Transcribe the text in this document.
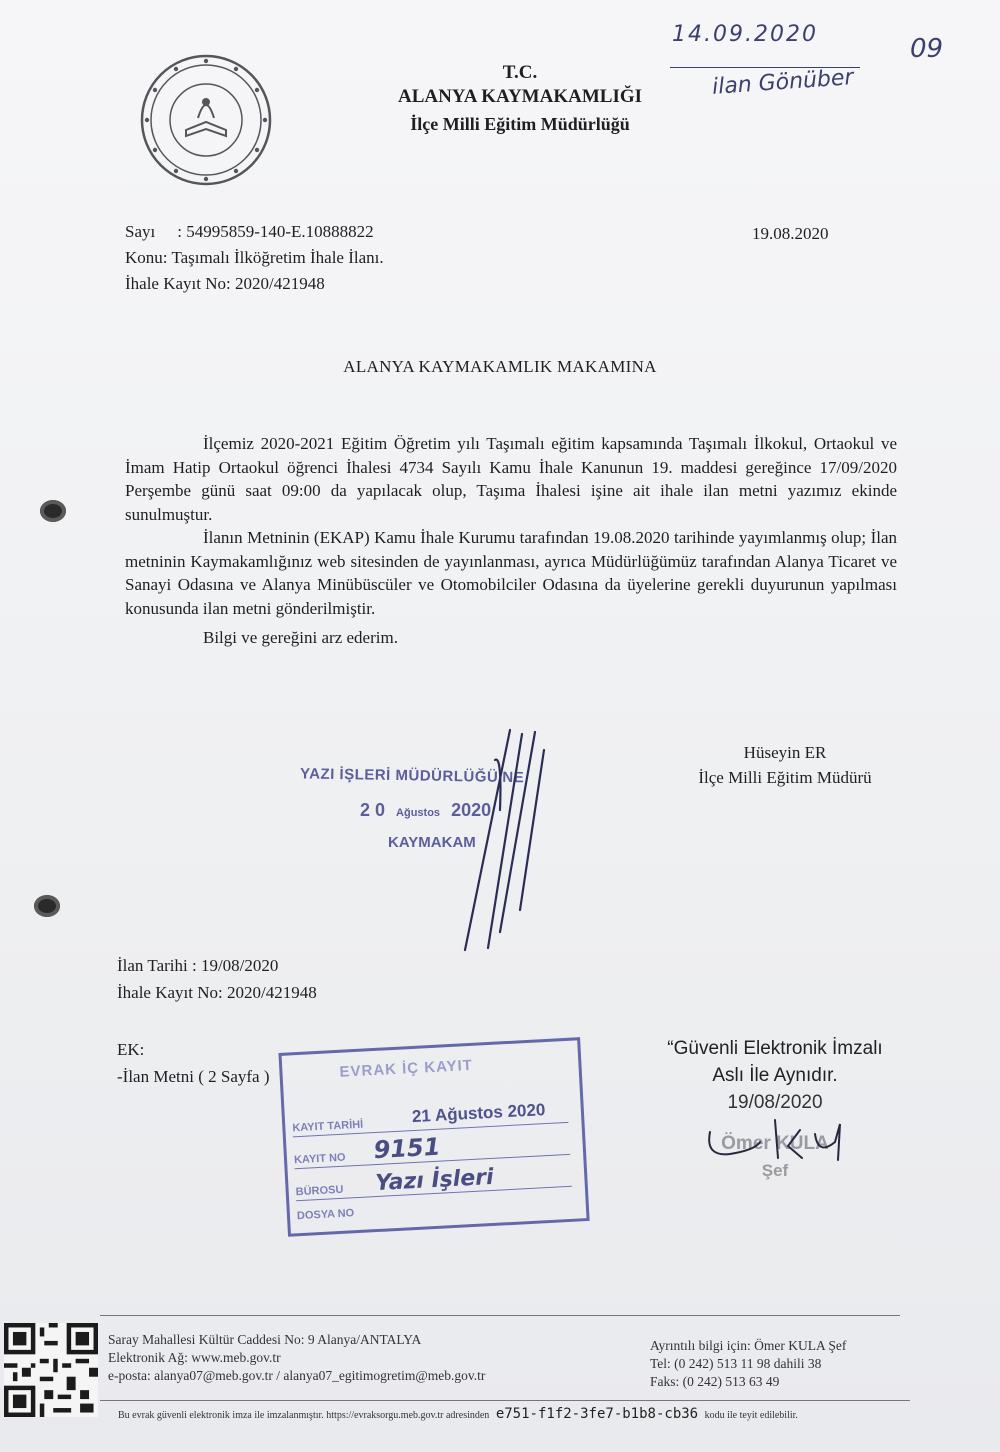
T.C.
ALANYA KAYMAKAMLIĞI
İlçe Milli Eğitim Müdürlüğü
14.09.2020
ilan Gönüber
09
Sayı : 54995859-140-E.10888822	19.08.2020
Konu: Taşımalı İlköğretim İhale İlanı.
İhale Kayıt No: 2020/421948
ALANYA KAYMAKAMLIK MAKAMINA

İlçemiz 2020-2021 Eğitim Öğretim yılı Taşımalı eğitim kapsamında Taşımalı İlkokul, Ortaokul ve İmam Hatip Ortaokul öğrenci İhalesi 4734 Sayılı Kamu İhale Kanunun 19. maddesi gereğince 17/09/2020 Perşembe günü saat 09:00 da yapılacak olup, Taşıma İhalesi işine ait ihale ilan metni yazımız ekinde sunulmuştur.

İlanın Metninin (EKAP) Kamu İhale Kurumu tarafından 19.08.2020 tarihinde yayımlanmış olup; İlan metninin Kaymakamlığınız web sitesinden de yayınlanması, ayrıca Müdürlüğümüz tarafından Alanya Ticaret ve Sanayi Odasına ve Alanya Minübüscüler ve Otomobilciler Odasına da üyelerine gerekli duyurunun yapılması konusunda ilan metni gönderilmiştir.

Bilgi ve gereğini arz ederim.

Hüseyin ER
İlçe Milli Eğitim Müdürü
YAZI İŞLERİ MÜDÜRLÜĞÜ'NE
2 0 Ağustos 2020
KAYMAKAM
İlan Tarihi : 19/08/2020
İhale Kayıt No: 2020/421948
EK:
-İlan Metni ( 2 Sayfa )	EVRAK İÇ KAYIT
KAYIT TARİHİ
21 Ağustos 2020
KAYIT NO 9151
BÜROSU Yazı İşleri
DOSYA NO
“Güvenli Elektronik İmzalı
Aslı İle Aynıdır.
19/08/2020
Ömer KULA
Şef
Saray Mahallesi Kültür Caddesi No: 9 Alanya/ANTALYA
Elektronik Ağ: www.meb.gov.tr
e-posta: alanya07@meb.gov.tr / alanya07_egitimogretim@meb.gov.tr
Ayrıntılı bilgi için: Ömer KULA Şef
Tel: (0 242) 513 11 98 dahili 38
Faks: (0 242) 513 63 49
Bu evrak güvenli elektronik imza ile imzalanmıştır. https://evraksorgu.meb.gov.tr adresinden e751-f1f2-3fe7-b1b8-cb36 kodu ile teyit edilebilir.
